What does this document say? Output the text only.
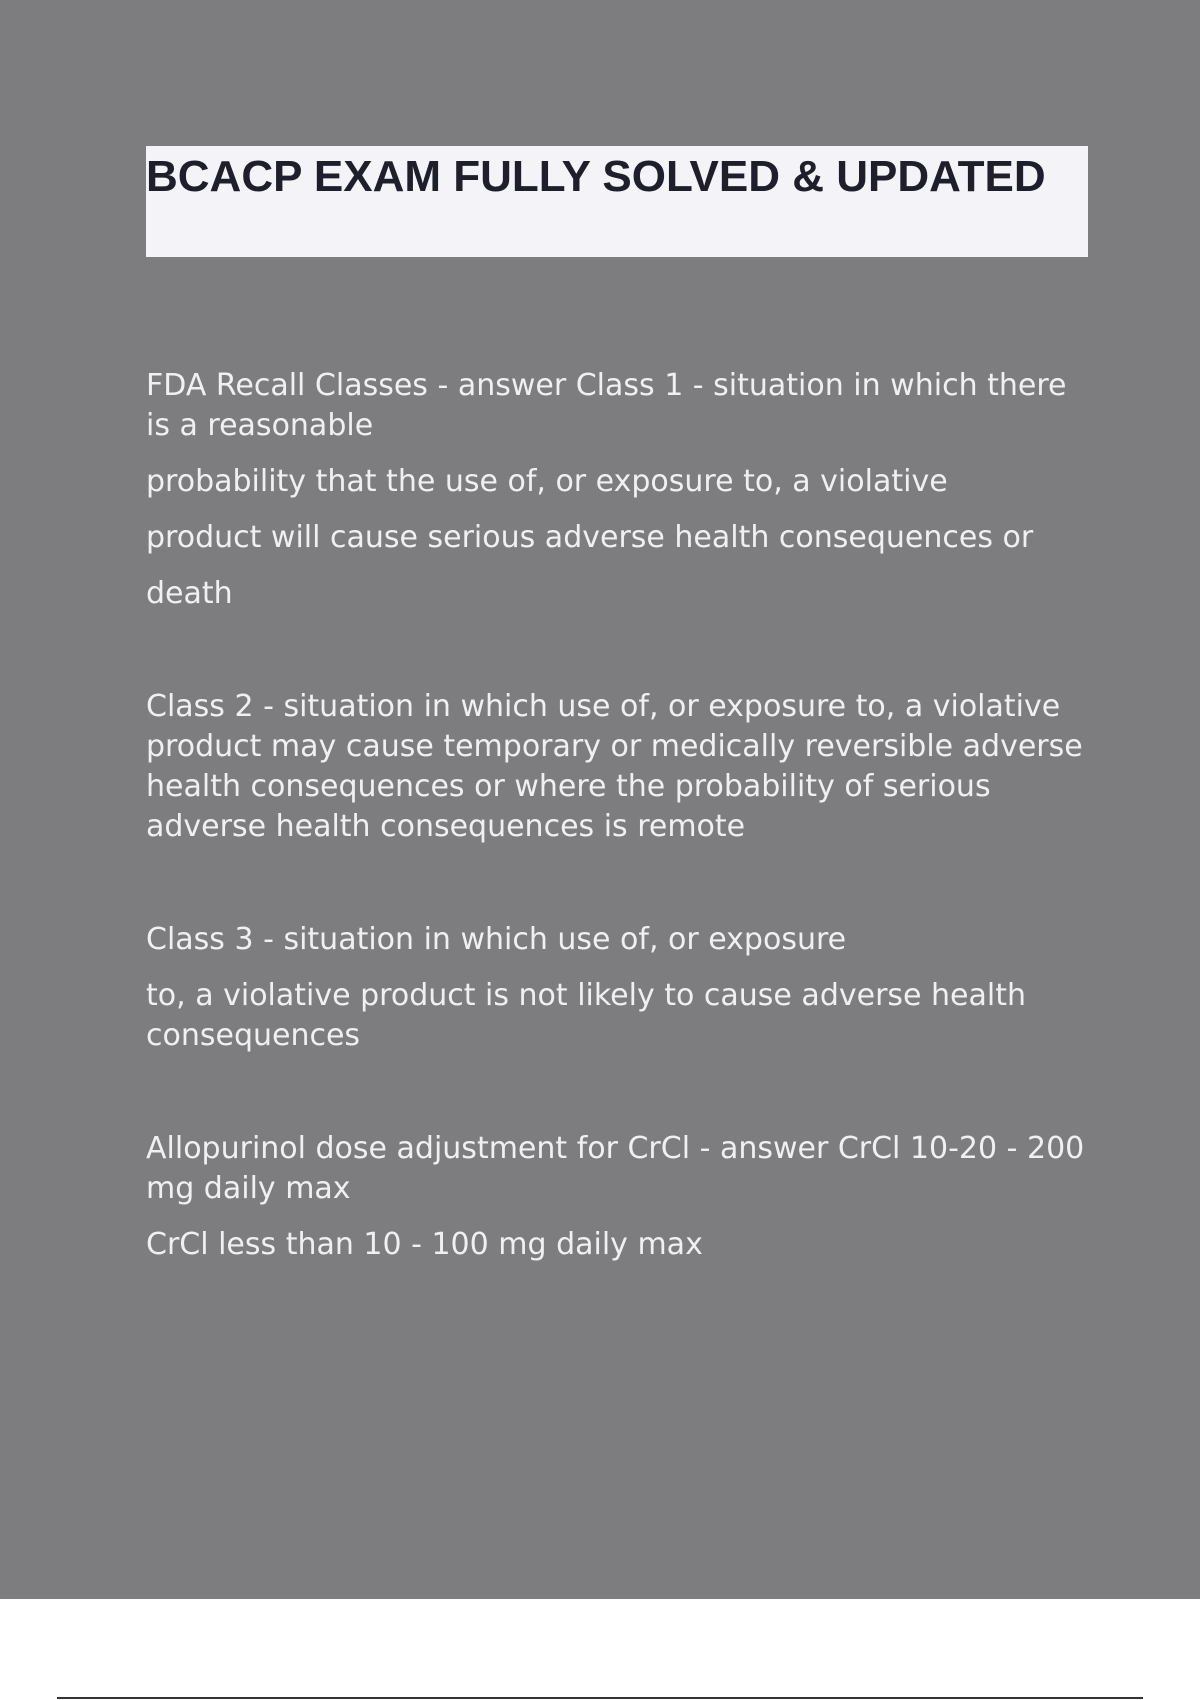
BCACP EXAM FULLY SOLVED & UPDATED

FDA Recall Classes - answer Class 1 - situation in which there is a reasonable

probability that the use of, or exposure to, a violative

product will cause serious adverse health consequences or

death

Class 2 - situation in which use of, or exposure to, a violative product may cause temporary or medically reversible adverse health consequences or where the probability of serious adverse health consequences is remote

Class 3 - situation in which use of, or exposure

to, a violative product is not likely to cause adverse health consequences

Allopurinol dose adjustment for CrCl - answer CrCl 10-20 - 200 mg daily max

CrCl less than 10 - 100 mg daily max
